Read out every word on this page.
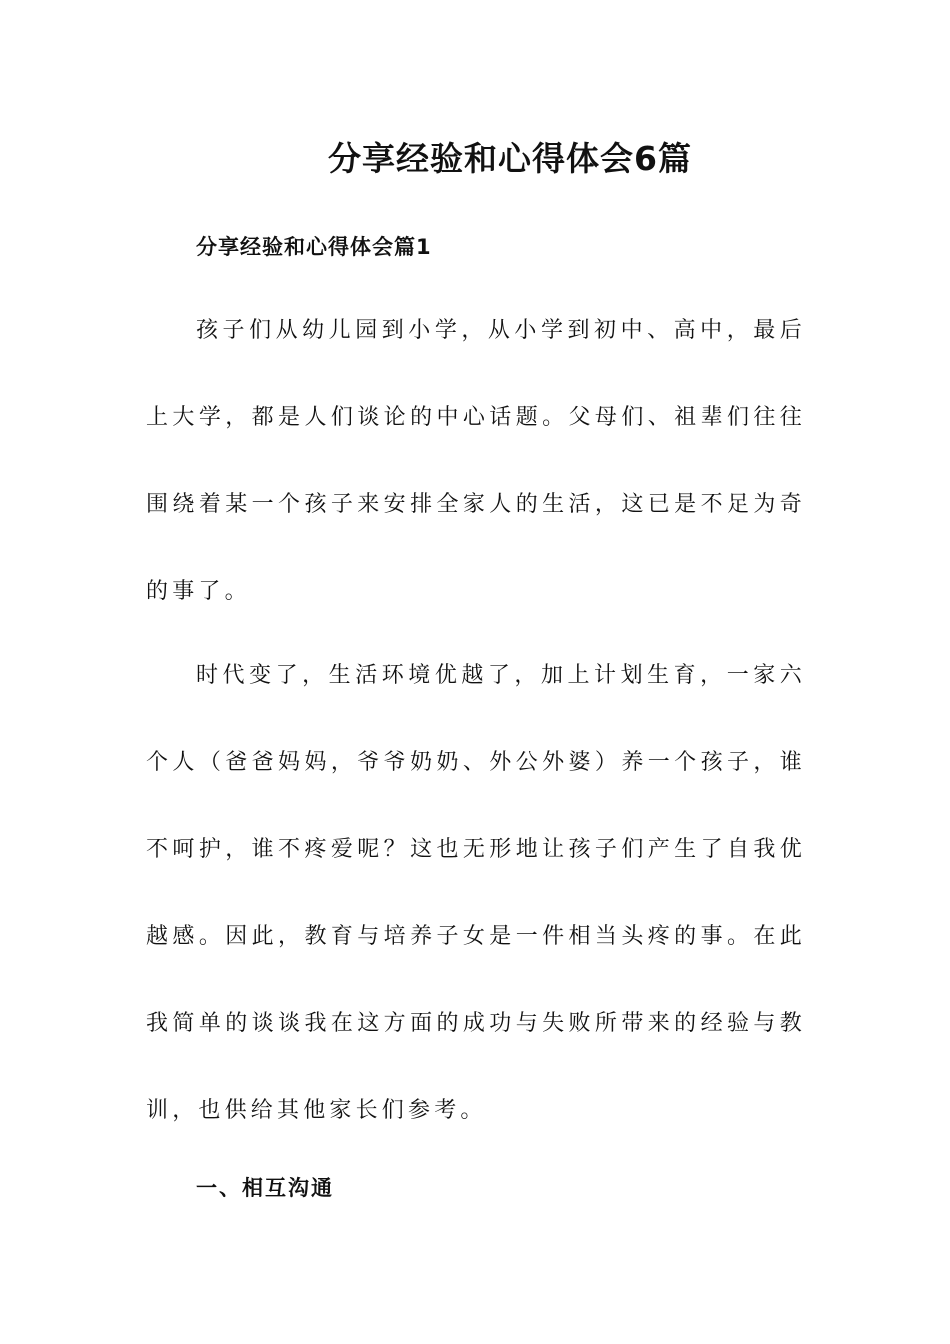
分享经验和心得体会6篇
分享经验和心得体会篇1

孩子们从幼儿园到小学，从小学到初中、高中，最后上大学，都是人们谈论的中心话题。父母们、祖辈们往往围绕着某一个孩子来安排全家人的生活，这已是不足为奇的事了。

时代变了，生活环境优越了，加上计划生育，一家六个人（爸爸妈妈，爷爷奶奶、外公外婆）养一个孩子，谁不呵护，谁不疼爱呢？这也无形地让孩子们产生了自我优越感。因此，教育与培养子女是一件相当头疼的事。在此我简单的谈谈我在这方面的成功与失败所带来的经验与教训，也供给其他家长们参考。

一、相互沟通
